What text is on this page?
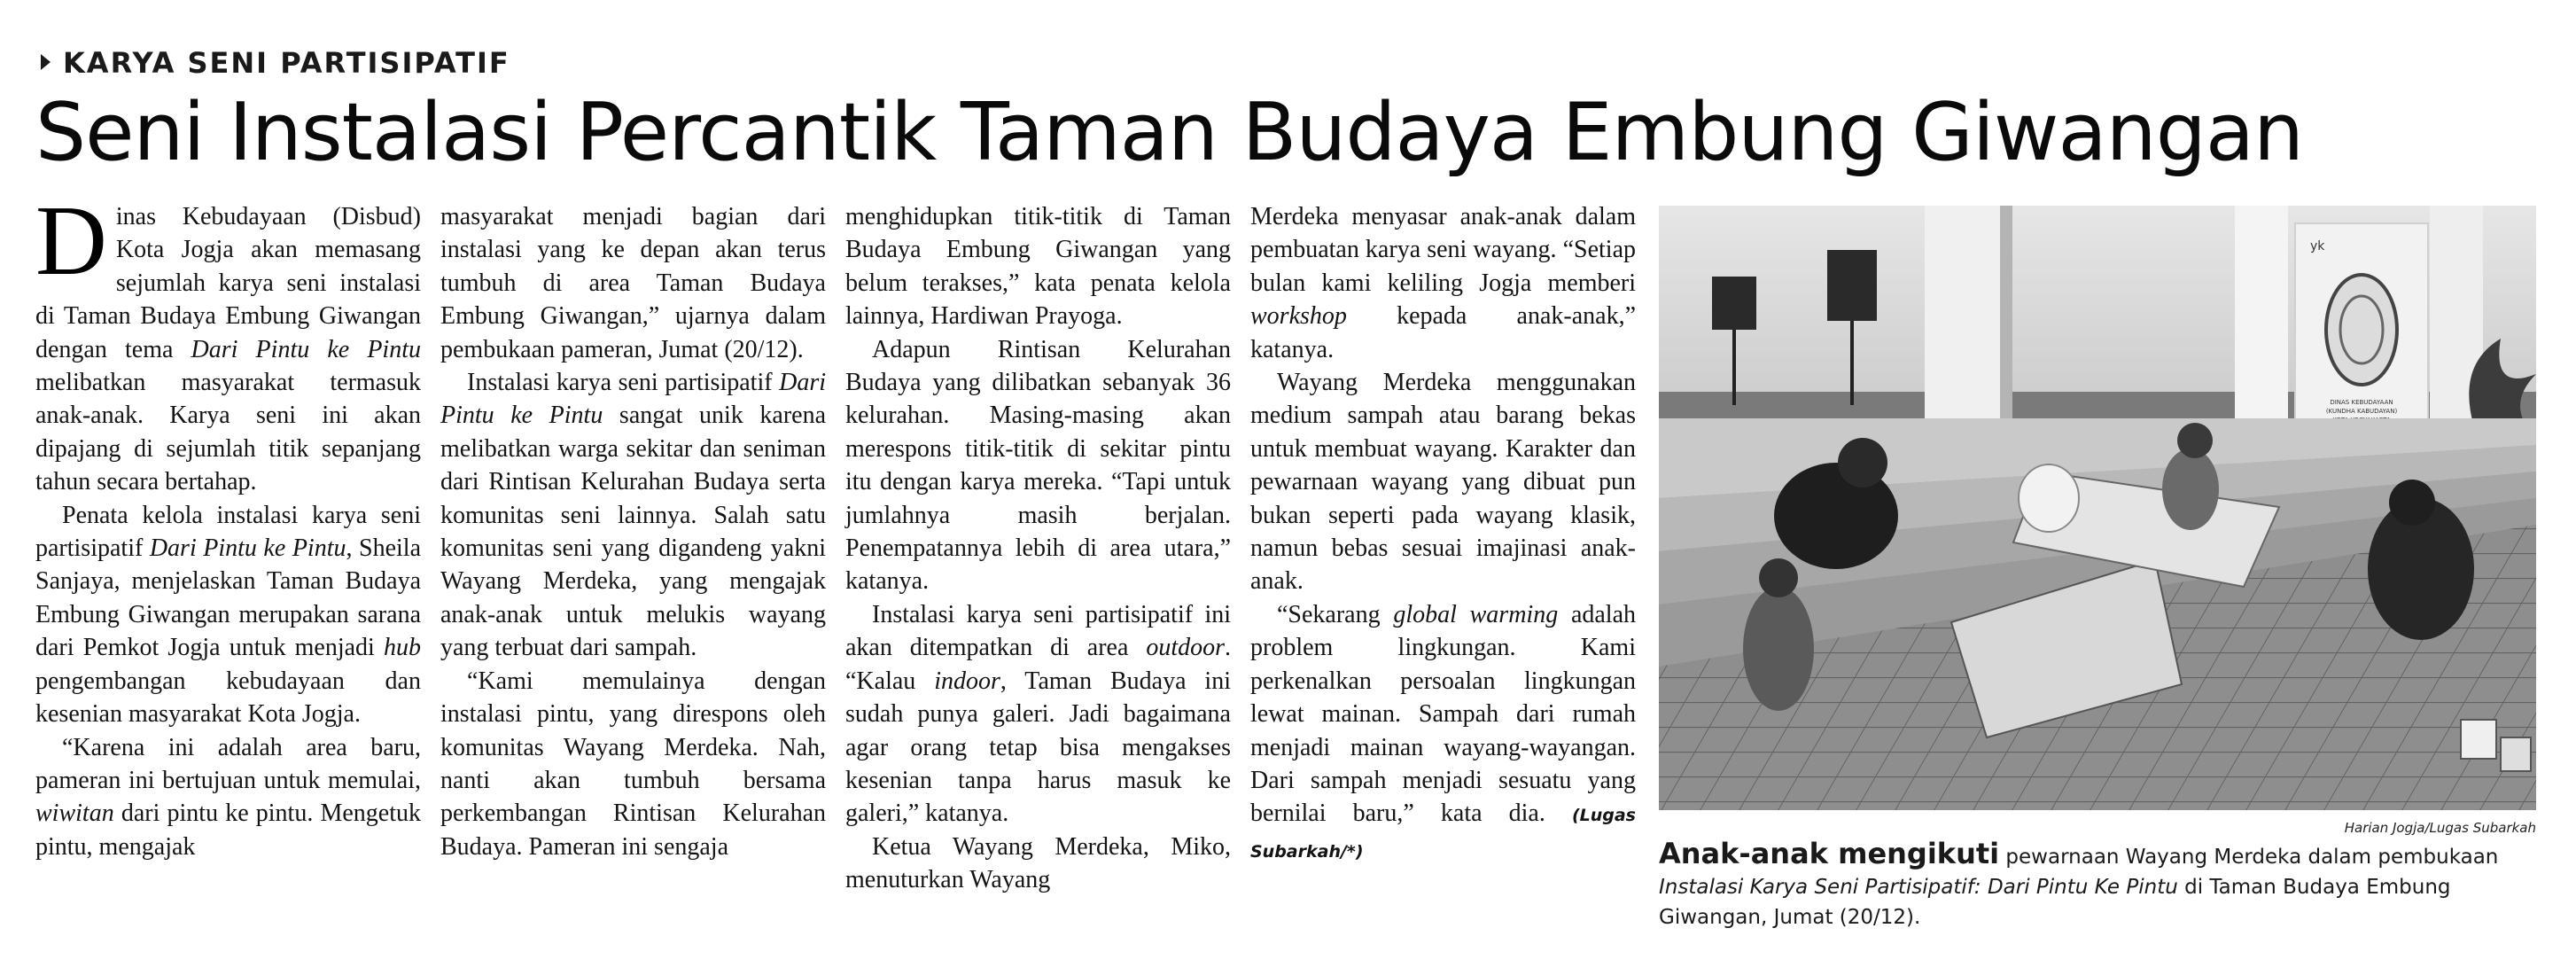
KARYA SENI PARTISIPATIF
Seni Instalasi Percantik Taman Budaya Embung Giwangan

Dinas Kebudayaan (Disbud) Kota Jogja akan memasang sejumlah karya seni instalasi di Taman Budaya Embung Giwangan dengan tema Dari Pintu ke Pintu melibatkan masyarakat termasuk anak-anak. Karya seni ini akan dipajang di sejumlah titik sepanjang tahun secara bertahap.

Penata kelola instalasi karya seni partisipatif Dari Pintu ke Pintu, Sheila Sanjaya, menjelaskan Taman Budaya Embung Giwangan merupakan sarana dari Pemkot Jogja untuk menjadi hub pengembangan kebudayaan dan kesenian masyarakat Kota Jogja.

“Karena ini adalah area baru, pameran ini bertujuan untuk memulai, wiwitan dari pintu ke pintu. Mengetuk pintu, mengajak

masyarakat menjadi bagian dari instalasi yang ke depan akan terus tumbuh di area Taman Budaya Embung Giwangan,” ujarnya dalam pembukaan pameran, Jumat (20/12).

Instalasi karya seni partisipatif Dari Pintu ke Pintu sangat unik karena melibatkan warga sekitar dan seniman dari Rintisan Kelurahan Budaya serta komunitas seni lainnya. Salah satu komunitas seni yang digandeng yakni Wayang Merdeka, yang mengajak anak-anak untuk melukis wayang yang terbuat dari sampah.

“Kami memulainya dengan instalasi pintu, yang direspons oleh komunitas Wayang Merdeka. Nah, nanti akan tumbuh bersama perkembangan Rintisan Kelurahan Budaya. Pameran ini sengaja

menghidupkan titik-titik di Taman Budaya Embung Giwangan yang belum terakses,” kata penata kelola lainnya, Hardiwan Prayoga.

Adapun Rintisan Kelurahan Budaya yang dilibatkan sebanyak 36 kelurahan. Masing-masing akan merespons titik-titik di sekitar pintu itu dengan karya mereka. “Tapi untuk jumlahnya masih berjalan. Penempatannya lebih di area utara,” katanya.

Instalasi karya seni partisipatif ini akan ditempatkan di area outdoor. “Kalau indoor, Taman Budaya ini sudah punya galeri. Jadi bagaimana agar orang tetap bisa mengakses kesenian tanpa harus masuk ke galeri,” katanya.

Ketua Wayang Merdeka, Miko, menuturkan Wayang

Merdeka menyasar anak-anak dalam pembuatan karya seni wayang. “Setiap bulan kami keliling Jogja memberi workshop kepada anak-anak,” katanya.

Wayang Merdeka menggunakan medium sampah atau barang bekas untuk membuat wayang. Karakter dan pewarnaan wayang yang dibuat pun bukan seperti pada wayang klasik, namun bebas sesuai imajinasi anak-anak.

“Sekarang global warming adalah problem lingkungan. Kami perkenalkan persoalan lingkungan lewat mainan. Sampah dari rumah menjadi mainan wayang-wayangan. Dari sampah menjadi sesuatu yang bernilai baru,” kata dia. (Lugas Subarkah/*)

yk
DINAS KEBUDAYAAN
(KUNDHA KABUDAYAN)
Harian Jogja/Lugas Subarkah
Anak-anak mengikuti pewarnaan Wayang Merdeka dalam pembukaan Instalasi Karya Seni Partisipatif: Dari Pintu Ke Pintu di Taman Budaya Embung Giwangan, Jumat (20/12).
